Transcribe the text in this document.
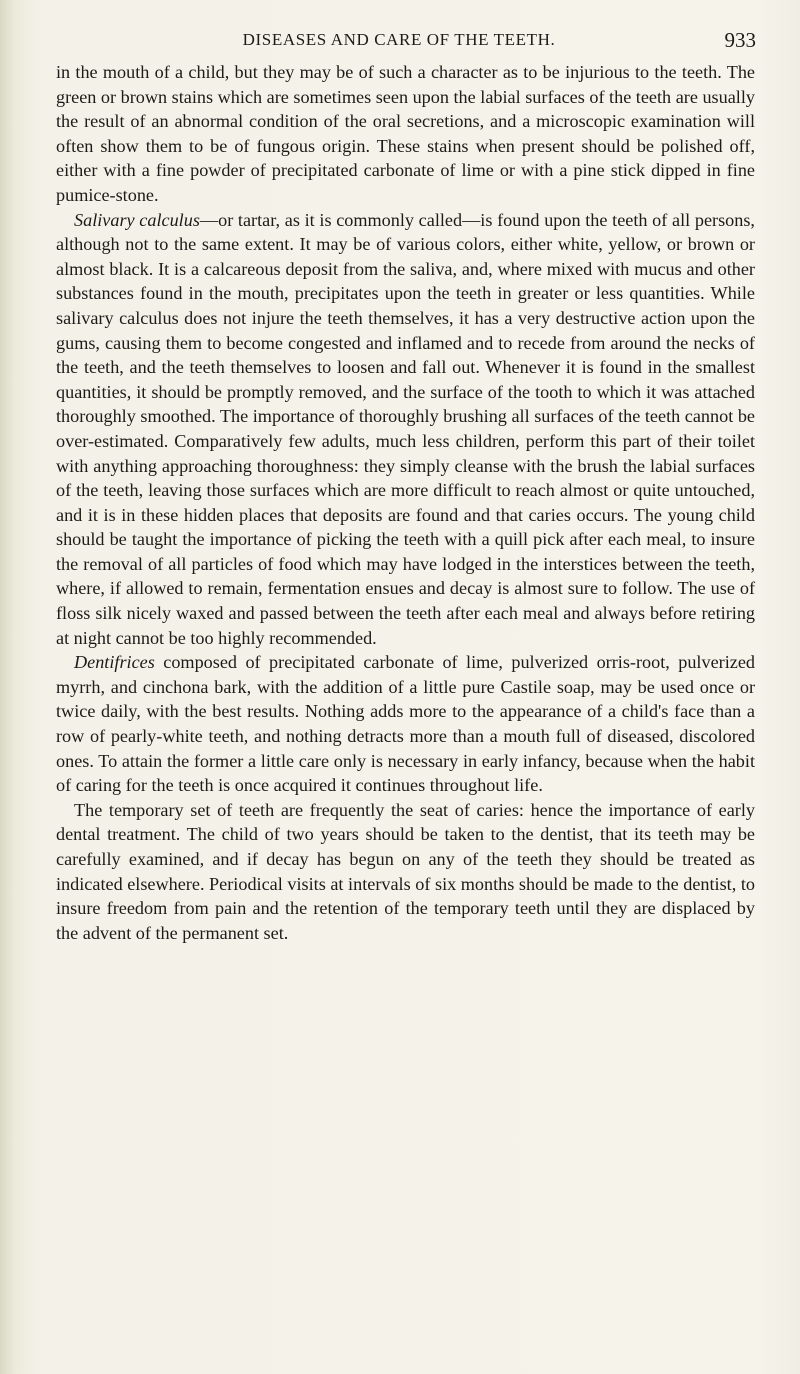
DISEASES AND CARE OF THE TEETH.	933

in the mouth of a child, but they may be of such a character as to be injurious to the teeth. The green or brown stains which are sometimes seen upon the labial surfaces of the teeth are usually the result of an abnormal condition of the oral secretions, and a microscopic examination will often show them to be of fungous origin. These stains when present should be polished off, either with a fine powder of precipitated carbonate of lime or with a pine stick dipped in fine pumice-stone.

Salivary calculus—or tartar, as it is commonly called—is found upon the teeth of all persons, although not to the same extent. It may be of various colors, either white, yellow, or brown or almost black. It is a calcareous deposit from the saliva, and, where mixed with mucus and other substances found in the mouth, precipitates upon the teeth in greater or less quantities. While salivary calculus does not injure the teeth themselves, it has a very destructive action upon the gums, causing them to become congested and inflamed and to recede from around the necks of the teeth, and the teeth themselves to loosen and fall out. Whenever it is found in the smallest quantities, it should be promptly removed, and the surface of the tooth to which it was attached thoroughly smoothed. The importance of thoroughly brushing all surfaces of the teeth cannot be over-estimated. Comparatively few adults, much less children, perform this part of their toilet with anything approaching thoroughness: they simply cleanse with the brush the labial surfaces of the teeth, leaving those surfaces which are more difficult to reach almost or quite untouched, and it is in these hidden places that deposits are found and that caries occurs. The young child should be taught the importance of picking the teeth with a quill pick after each meal, to insure the removal of all particles of food which may have lodged in the interstices between the teeth, where, if allowed to remain, fermentation ensues and decay is almost sure to follow. The use of floss silk nicely waxed and passed between the teeth after each meal and always before retiring at night cannot be too highly recommended.

Dentifrices composed of precipitated carbonate of lime, pulverized orris-root, pulverized myrrh, and cinchona bark, with the addition of a little pure Castile soap, may be used once or twice daily, with the best results. Nothing adds more to the appearance of a child's face than a row of pearly-white teeth, and nothing detracts more than a mouth full of diseased, discolored ones. To attain the former a little care only is necessary in early infancy, because when the habit of caring for the teeth is once acquired it continues throughout life.

The temporary set of teeth are frequently the seat of caries: hence the importance of early dental treatment. The child of two years should be taken to the dentist, that its teeth may be carefully examined, and if decay has begun on any of the teeth they should be treated as indicated elsewhere. Periodical visits at intervals of six months should be made to the dentist, to insure freedom from pain and the retention of the temporary teeth until they are displaced by the advent of the permanent set.
